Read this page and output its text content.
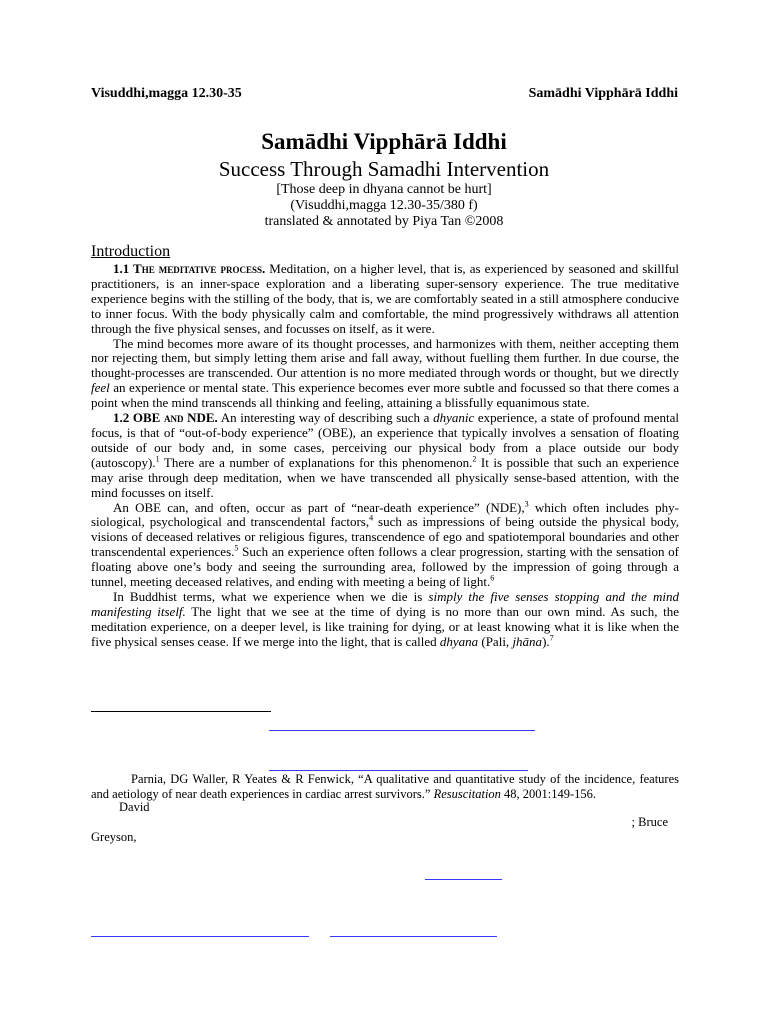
Visuddhi,magga 12.30-35	Samādhi Vipphārā Iddhi
Samādhi Vipphārā Iddhi
Success Through Samadhi Intervention
[Those deep in dhyana cannot be hurt]
(Visuddhi,magga 12.30-35/380 f)
translated & annotated by Piya Tan ©2008

Introduction

1.1 The meditative process. Meditation, on a higher level, that is, as experienced by seasoned and skillful practitioners, is an inner-space exploration and a liberating super-sensory experience. The true meditative experience begins with the stilling of the body, that is, we are comfortably seated in a still atmosphere conducive to inner focus. With the body physically calm and comfortable, the mind progressively withdraws all attention through the five physical senses, and focusses on itself, as it were.

The mind becomes more aware of its thought processes, and harmonizes with them, neither accepting them nor rejecting them, but simply letting them arise and fall away, without fuelling them further. In due course, the thought-processes are transcended. Our attention is no more mediated through words or thought, but we directly feel an experience or mental state. This experience becomes ever more subtle and focussed so that there comes a point when the mind transcends all thinking and feeling, attaining a blissfully equanimous state.

1.2 OBE and NDE. An interesting way of describing such a dhyanic experience, a state of profound mental focus, is that of “out-of-body experience” (OBE), an experience that typically involves a sensation of floating outside of our body and, in some cases, perceiving our physical body from a place outside our body (autoscopy).$^1$ There are a number of explanations for this phenomenon.$^2$ It is possible that such an experience may arise through deep meditation, when we have transcended all physically sense-based attention, with the mind focusses on itself.

An OBE can, and often, occur as part of “near-death experience” (NDE),$^3$ which often includes physiological, psychological and transcendental factors,$^4$ such as impressions of being outside the physical body, visions of deceased relatives or religious figures, transcendence of ego and spatiotemporal boundaries and other transcendental experiences.$^5$ Such an experience often follows a clear progression, starting with the sensation of floating above one’s body and seeing the surrounding area, followed by the impression of going through a tunnel, meeting deceased relatives, and ending with meeting a being of light.$^6$

In Buddhist terms, what we experience when we die is simply the five senses stopping and the mind manifesting itself. The light that we see at the time of dying is no more than our own mind. As such, the meditation experience, on a deeper level, is like training for dying, or at least knowing what it is like when the five physical senses cease. If we merge into the light, that is called dhyana (Pali, jhāna).$^7$

Parnia, DG Waller, R Yeates & R Fenwick, “A qualitative and quantitative study of the incidence, features and aetiology of near death experiences in cardiac arrest survivors.” Resuscitation 48, 2001:149-156.
David
; Bruce
Greyson,
